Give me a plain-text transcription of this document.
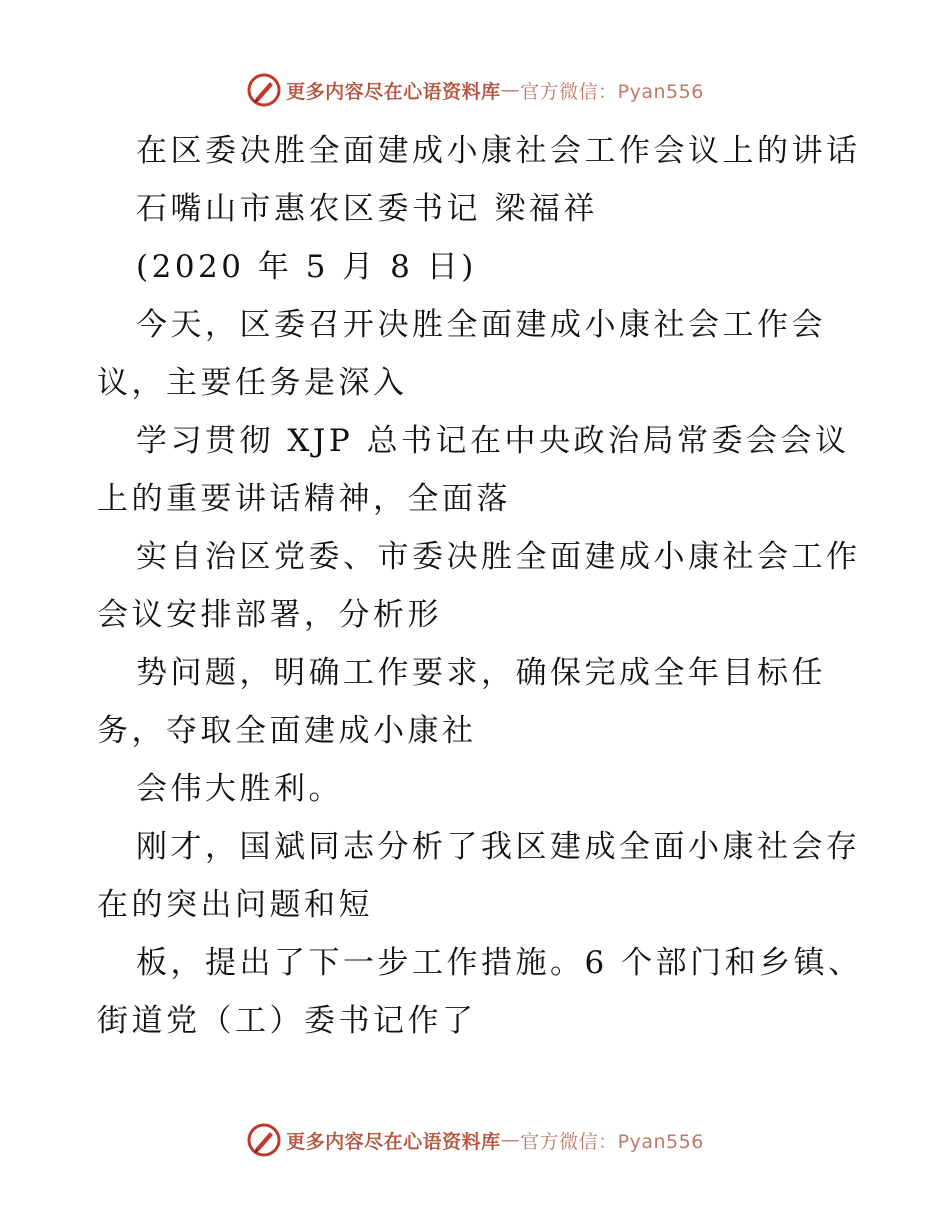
更多内容尽在心语资料库 — 官方微信：Pyan556
在区委决胜全面建成小康社会工作会议上的讲话
石嘴山市惠农区委书记 梁福祥
(2020 年 5 月 8 日)
今天，区委召开决胜全面建成小康社会工作会
议，主要任务是深入
学习贯彻 XJP 总书记在中央政治局常委会会议
上的重要讲话精神，全面落
实自治区党委、市委决胜全面建成小康社会工作
会议安排部署，分析形
势问题，明确工作要求，确保完成全年目标任
务，夺取全面建成小康社
会伟大胜利。
刚才，国斌同志分析了我区建成全面小康社会存
在的突出问题和短
板，提出了下一步工作措施。6 个部门和乡镇、
街道党（工）委书记作了
更多内容尽在心语资料库 — 官方微信：Pyan556
